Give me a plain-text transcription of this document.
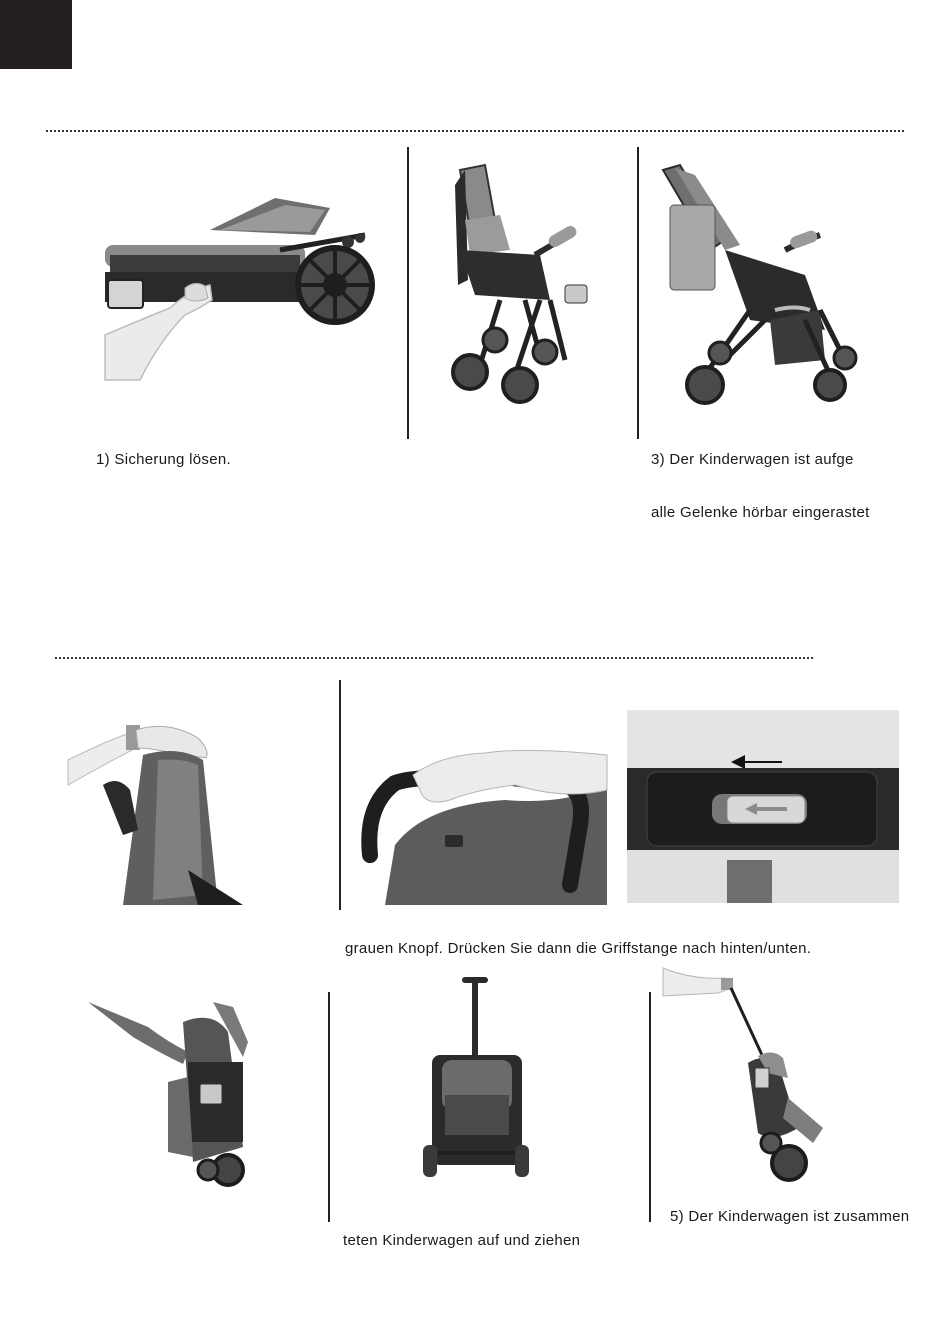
1) Sicherung lösen.	3) Der Kinderwagen ist aufge
alle Gelenke hörbar eingerastet
grauen Knopf. Drücken Sie dann die Griffstange nach hinten/unten.
5) Der Kinderwagen ist zusammen
teten Kinderwagen auf und ziehen
